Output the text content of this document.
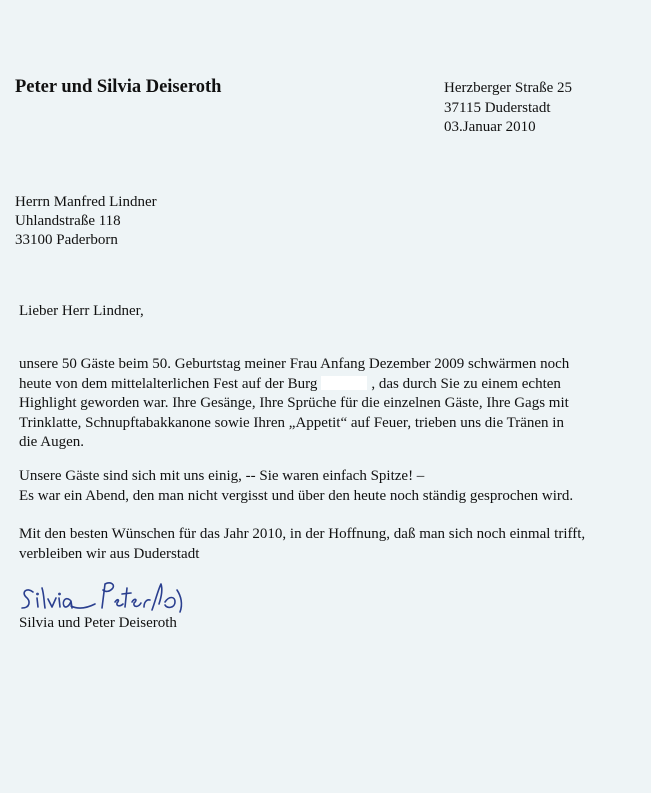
Peter und Silvia Deiseroth	Herzberger Straße 25
37115 Duderstadt
03.Januar 2010
Herrn Manfred Lindner
Uhlandstraße 118
33100 Paderborn
Lieber Herr Lindner,
unsere 50 Gäste beim 50. Geburtstag meiner Frau Anfang Dezember 2009 schwärmen noch
heute von dem mittelalterlichen Fest auf der Burg	, das durch Sie zu einem echten
Highlight geworden war. Ihre Gesänge, Ihre Sprüche für die einzelnen Gäste, Ihre Gags mit
Trinklatte, Schnupftabakkanone sowie Ihren „Appetit“ auf Feuer, trieben uns die Tränen in
die Augen.
Unsere Gäste sind sich mit uns einig, -- Sie waren einfach Spitze! –
Es war ein Abend, den man nicht vergisst und über den heute noch ständig gesprochen wird.
Mit den besten Wünschen für das Jahr 2010, in der Hoffnung, daß man sich noch einmal trifft,
verbleiben wir aus Duderstadt
Silvia und Peter Deiseroth
